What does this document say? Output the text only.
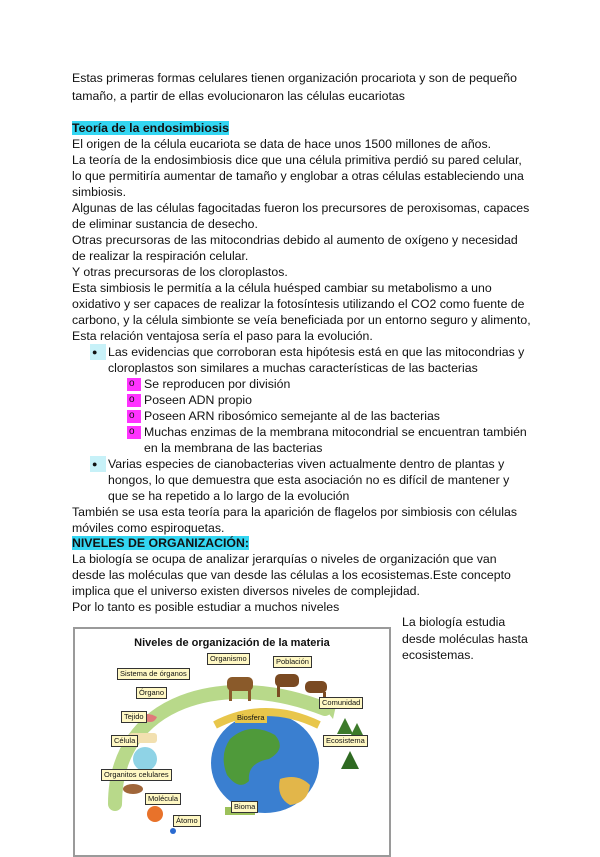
Estas primeras formas celulares tienen organización procariota y son de pequeño

tamaño, a partir de ellas evolucionaron las células eucariotas

Teoría de la endosimbiosis

El origen de la célula eucariota se data de hace unos 1500 millones de años.

La teoría de la endosimbiosis dice que una célula primitiva perdió su pared celular, lo que permitiría aumentar de tamaño y englobar a otras células estableciendo una simbiosis.

Algunas de las células fagocitadas fueron los precursores de peroxisomas, capaces de eliminar sustancia de desecho.

Otras precursoras de las mitocondrias debido al aumento de oxígeno y necesidad de realizar la respiración celular.

Y otras precursoras de los cloroplastos.

Esta simbiosis le permitía a la célula huésped cambiar su metabolismo a uno oxidativo y ser capaces de realizar la fotosíntesis utilizando el CO2 como fuente de carbono, y la célula simbionte se veía beneficiada por un entorno seguro y alimento,

Esta relación ventajosa sería el paso para la evolución.

●
Las evidencias que corroboran esta hipótesis está en que las mitocondrias y cloroplastos son similares a muchas características de las bacterias
o Se reproducen por división
o Poseen ADN propio
o Poseen ARN ribosómico semejante al de las bacterias
o Muchas enzimas de la membrana mitocondrial se encuentran también en la membrana de las bacterias
●
Varias especies de cianobacterias viven actualmente dentro de plantas y hongos, lo que demuestra que esta asociación no es difícil de mantener y que se ha repetido a lo largo de la evolución

También se usa esta teoría para la aparición de flagelos por simbiosis con células móviles como espiroquetas.

NIVELES DE ORGANIZACIÓN:

La biología se ocupa de analizar jerarquías o niveles de organización que van desde las moléculas que van desde las células a los ecosistemas.Este concepto implica que el universo existen diversos niveles de complejidad.

Por lo tanto es posible estudiar a muchos niveles

Niveles de organización de la materia
Organismo	Población
Sistema de órganos
Órgano
Comunidad
Tejido	Biosfera
Célula	Ecosistema
Organitos celulares
Molécula
Bioma
Átomo
La biología estudia desde moléculas hasta ecosistemas.
